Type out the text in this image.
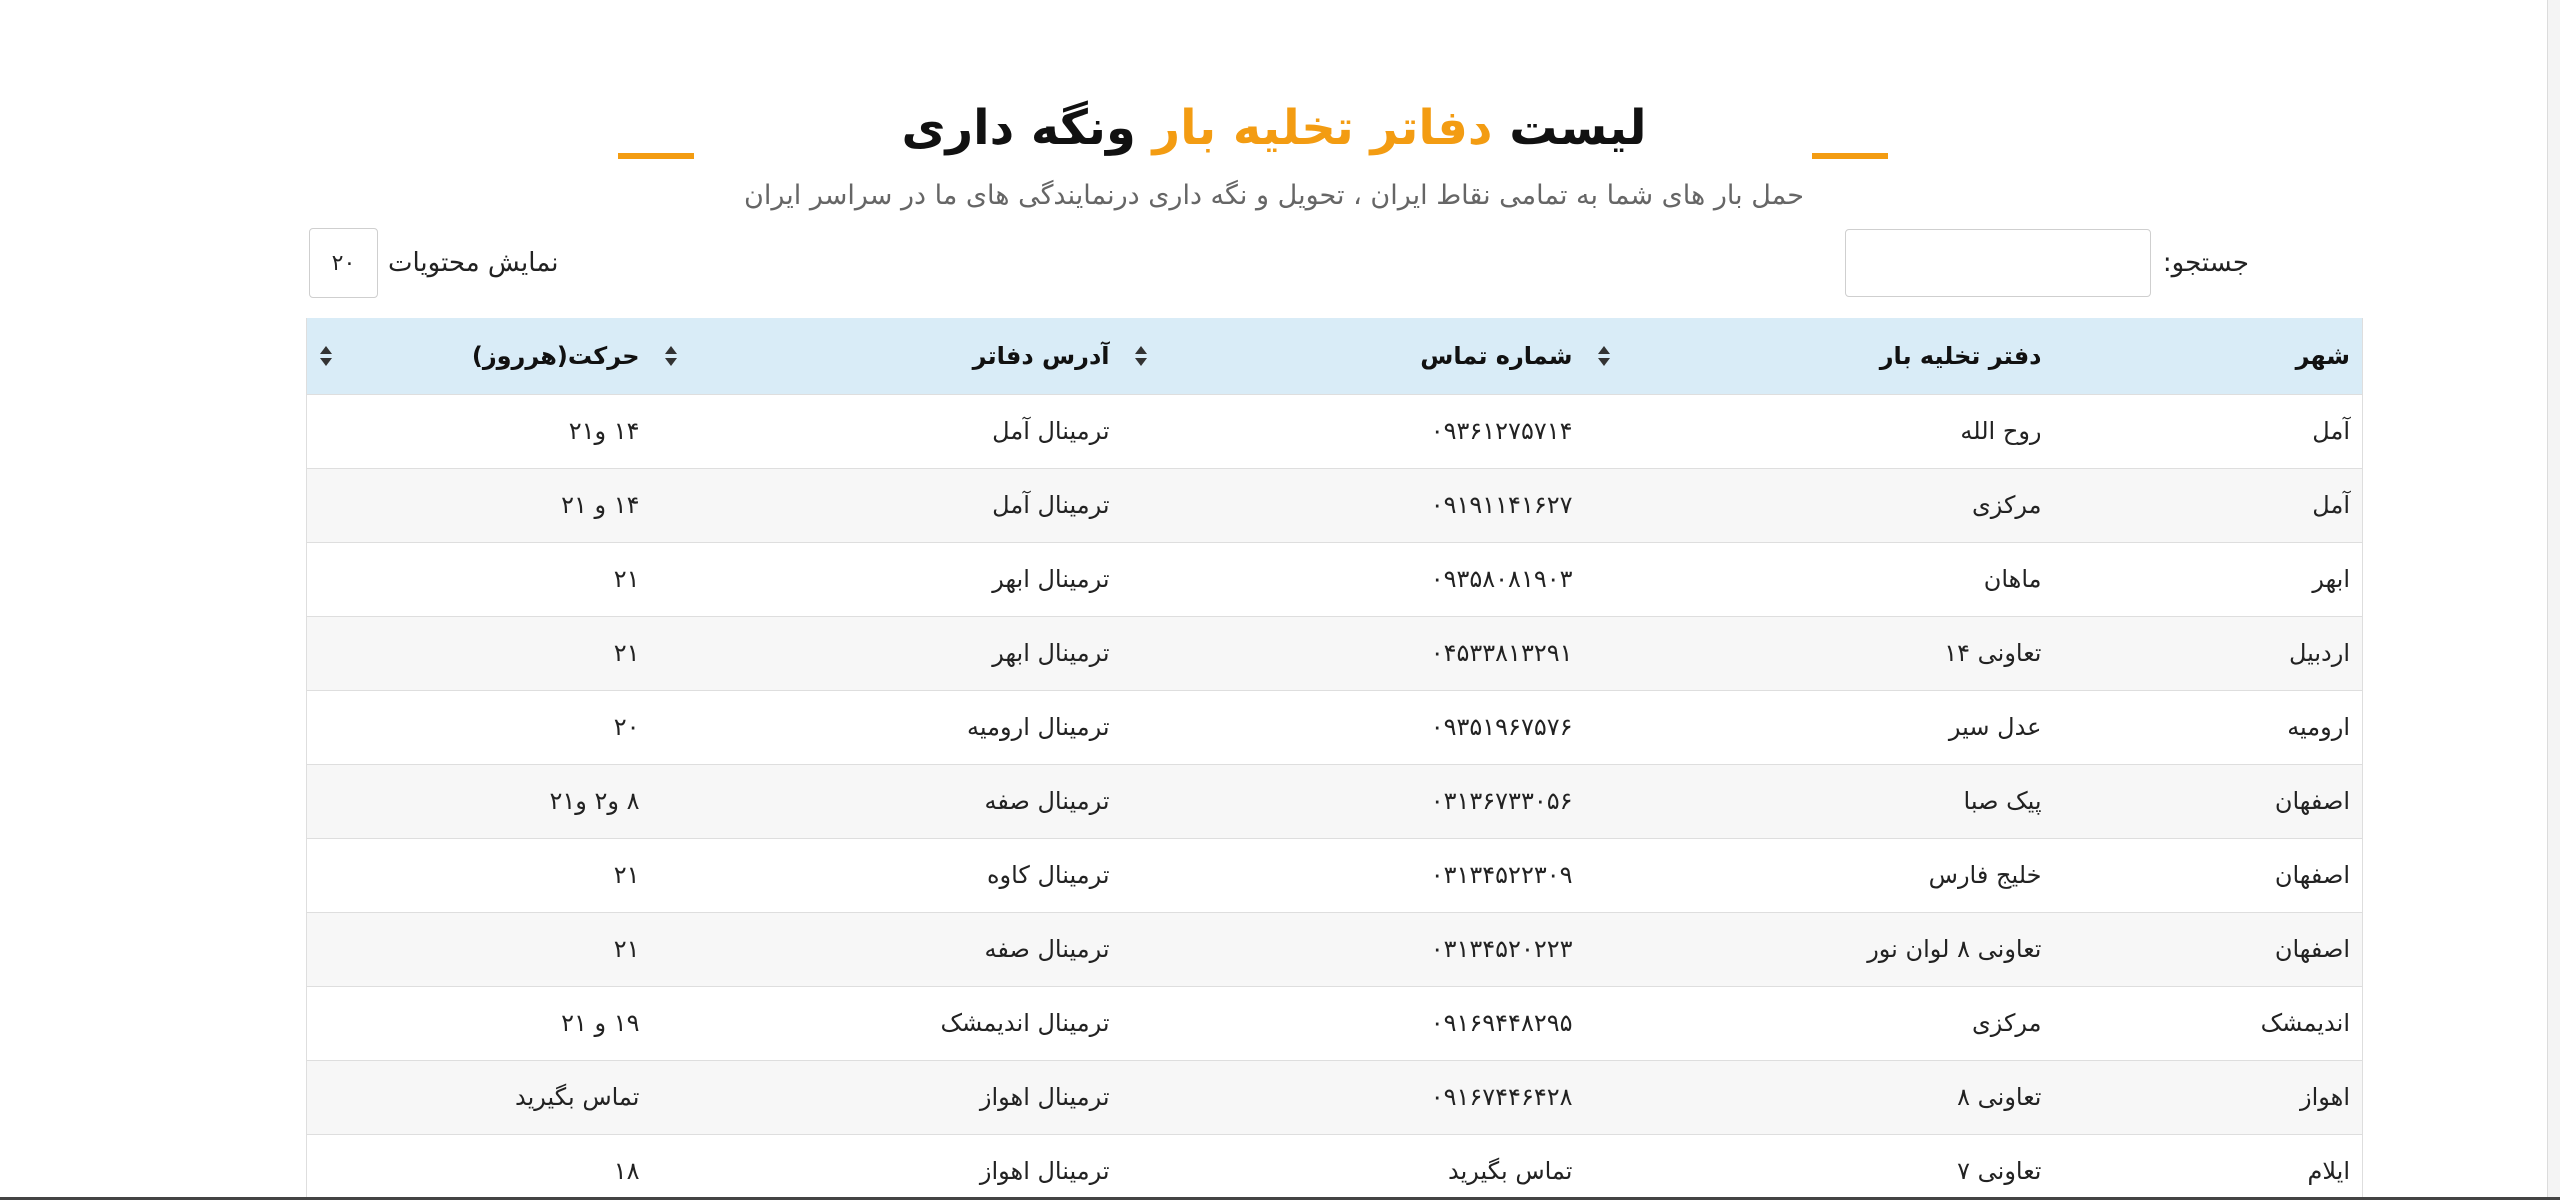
لیست دفاتر تخلیه بار ونگه داری
حمل بار های شما به تمامی نقاط ایران ، تحویل و نگه داری درنمایندگی های ما در سراسر ایران
جستجو:
۲۰ نمایش محتویات
شهر	دفتر تخلیه بار	شماره تماس	آدرس دفاتر	حرکت(هرروز)

آمل	روح الله	۰۹۳۶۱۲۷۵۷۱۴	ترمینال آمل	۱۴ و۲۱
آمل	مرکزی	۰۹۱۹۱۱۴۱۶۲۷	ترمینال آمل	۱۴ و ۲۱
ابهر	ماهان	۰۹۳۵۸۰۸۱۹۰۳	ترمینال ابهر	۲۱
اردبیل	تعاونی ۱۴	۰۴۵۳۳۸۱۳۲۹۱	ترمینال ابهر	۲۱
ارومیه	عدل سیر	۰۹۳۵۱۹۶۷۵۷۶	ترمینال ارومیه	۲۰
اصفهان	پیک صبا	۰۳۱۳۶۷۳۳۰۵۶	ترمینال صفه	۸ و۲ و۲۱
اصفهان	خلیج فارس	۰۳۱۳۴۵۲۲۳۰۹	ترمینال کاوه	۲۱
اصفهان	تعاونی ۸ لوان نور	۰۳۱۳۴۵۲۰۲۲۳	ترمینال صفه	۲۱
اندیمشک	مرکزی	۰۹۱۶۹۴۴۸۲۹۵	ترمینال اندیمشک	۱۹ و ۲۱
اهواز	تعاونی ۸	۰۹۱۶۷۴۴۶۴۲۸	ترمینال اهواز	تماس بگیرید
ایلام	تعاونی ۷	تماس بگیرید	ترمینال اهواز	۱۸
